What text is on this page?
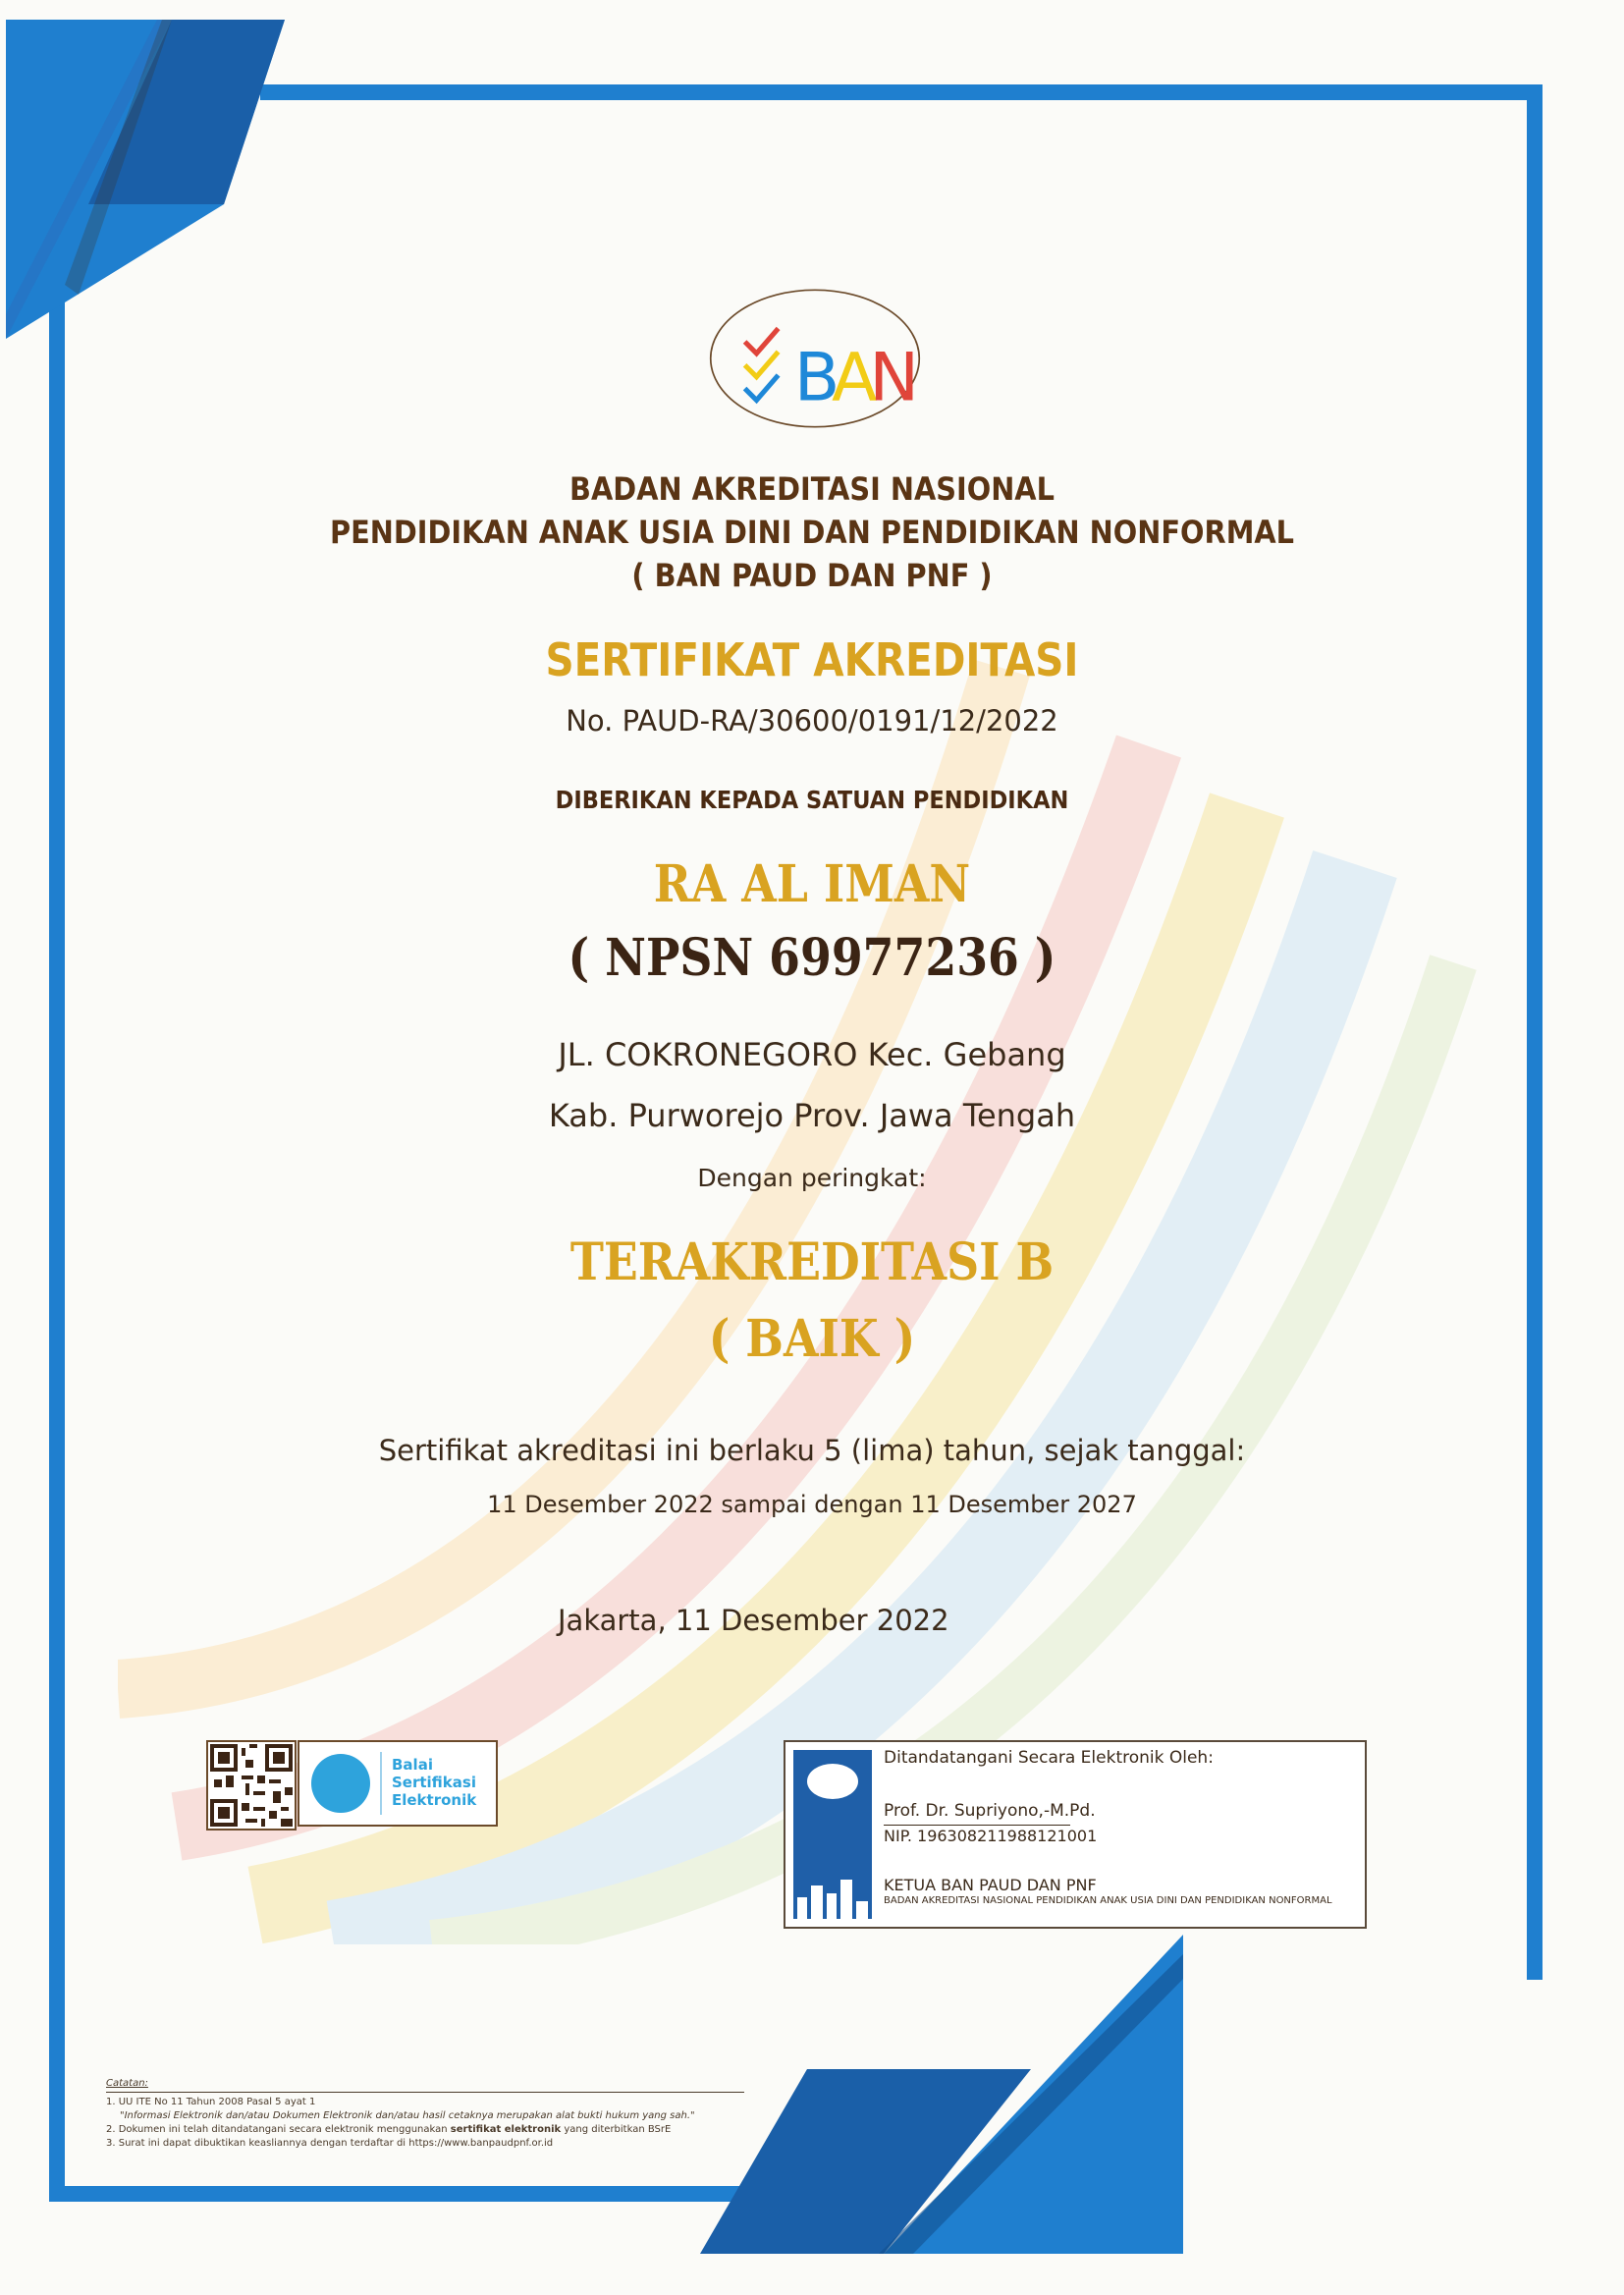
B
A
N
BADAN AKREDITASI NASIONAL
PENDIDIKAN ANAK USIA DINI DAN PENDIDIKAN NONFORMAL
( BAN PAUD DAN PNF )
SERTIFIKAT AKREDITASI
No. PAUD-RA/30600/0191/12/2022
DIBERIKAN KEPADA SATUAN PENDIDIKAN
RA AL IMAN
( NPSN 69977236 )
JL. COKRONEGORO Kec. Gebang
Kab. Purworejo Prov. Jawa Tengah
Dengan peringkat:
TERAKREDITASI B
( BAIK )
Sertifikat akreditasi ini berlaku 5 (lima) tahun, sejak tanggal:
11 Desember 2022 sampai dengan 11 Desember 2027
Jakarta, 11 Desember 2022
Balai
Sertifikasi
Elektronik
Ditandatangani Secara Elektronik Oleh:
Prof. Dr. Supriyono,-M.Pd.
NIP. 196308211988121001
KETUA BAN PAUD DAN PNF
BADAN AKREDITASI NASIONAL PENDIDIKAN ANAK USIA DINI DAN PENDIDIKAN NONFORMAL
Catatan:
1. UU ITE No 11 Tahun 2008 Pasal 5 ayat 1
"Informasi Elektronik dan/atau Dokumen Elektronik dan/atau hasil cetaknya merupakan alat bukti hukum yang sah."
2. Dokumen ini telah ditandatangani secara elektronik menggunakan sertifikat elektronik yang diterbitkan BSrE
3. Surat ini dapat dibuktikan keasliannya dengan terdaftar di https://www.banpaudpnf.or.id
